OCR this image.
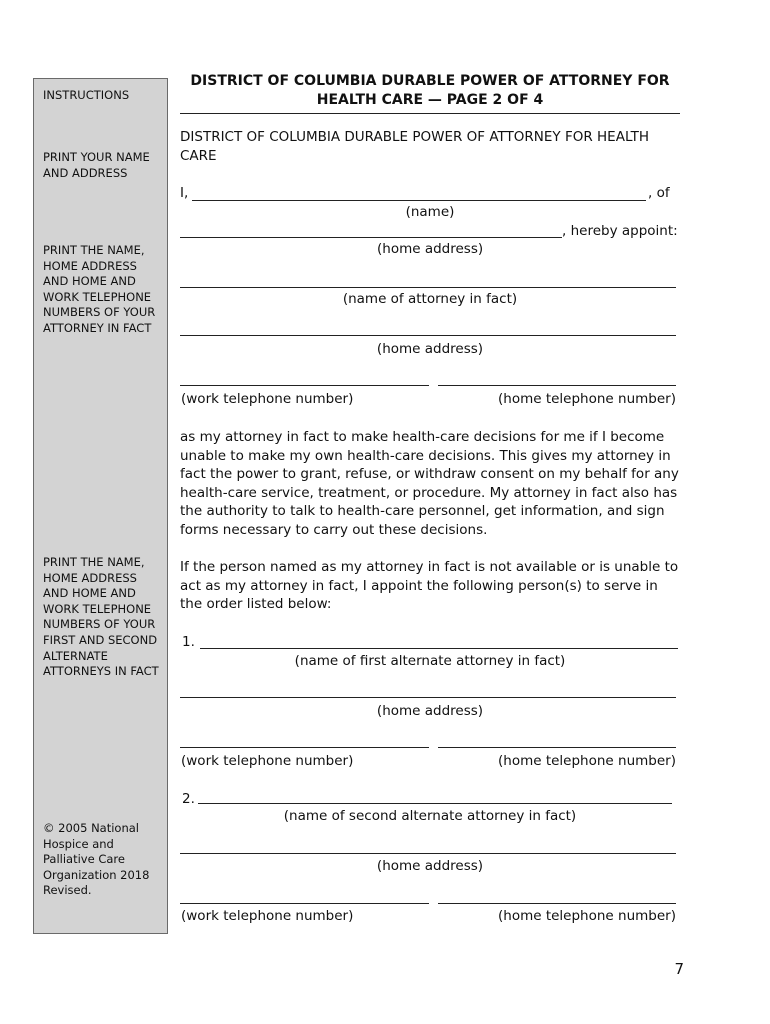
INSTRUCTIONS
PRINT YOUR NAME AND ADDRESS
PRINT THE NAME, HOME ADDRESS AND HOME AND WORK TELEPHONE NUMBERS OF YOUR ATTORNEY IN FACT
PRINT THE NAME, HOME ADDRESS AND HOME AND WORK TELEPHONE NUMBERS OF YOUR FIRST AND SECOND ALTERNATE ATTORNEYS IN FACT
© 2005 National Hospice and Palliative Care Organization 2018 Revised.
DISTRICT OF COLUMBIA DURABLE POWER OF ATTORNEY FOR HEALTH CARE — PAGE 2 OF 4
DISTRICT OF COLUMBIA DURABLE POWER OF ATTORNEY FOR HEALTH CARE
I,	, of
(name)
, hereby appoint:
(home address)
(name of attorney in fact)
(home address)
(work telephone number)	(home telephone number)
as my attorney in fact to make health-care decisions for me if I become unable to make my own health-care decisions. This gives my attorney in fact the power to grant, refuse, or withdraw consent on my behalf for any health-care service, treatment, or procedure. My attorney in fact also has the authority to talk to health-care personnel, get information, and sign forms necessary to carry out these decisions.
If the person named as my attorney in fact is not available or is unable to act as my attorney in fact, I appoint the following person(s) to serve in the order listed below:
1.
(name of first alternate attorney in fact)
(home address)
(work telephone number)	(home telephone number)
2.
(name of second alternate attorney in fact)
(home address)
(work telephone number)	(home telephone number)
7
